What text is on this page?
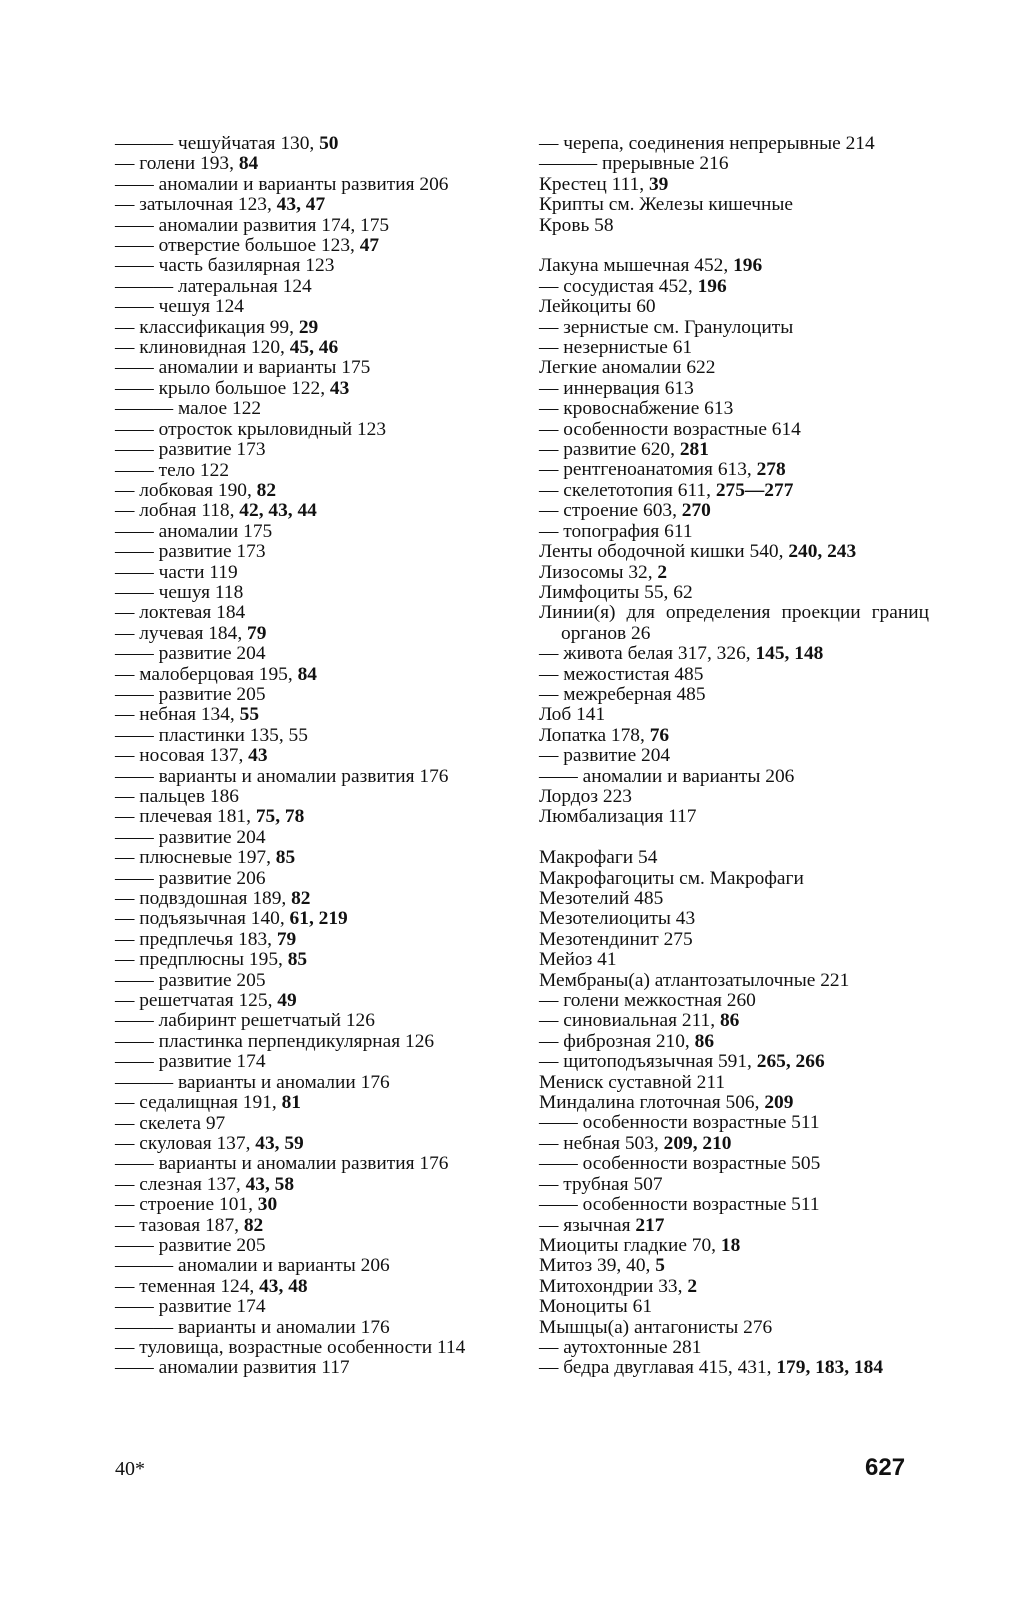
——— чешуйчатая 130, 50
— голени 193, 84
—— аномалии и варианты развития 206
— затылочная 123, 43, 47
—— аномалии развития 174, 175
—— отверстие большое 123, 47
—— часть базилярная 123
——— латеральная 124
—— чешуя 124
— классификация 99, 29
— клиновидная 120, 45, 46
—— аномалии и варианты 175
—— крыло большое 122, 43
——— малое 122
—— отросток крыловидный 123
—— развитие 173
—— тело 122
— лобковая 190, 82
— лобная 118, 42, 43, 44
—— аномалии 175
—— развитие 173
—— части 119
—— чешуя 118
— локтевая 184
— лучевая 184, 79
—— развитие 204
— малоберцовая 195, 84
—— развитие 205
— небная 134, 55
—— пластинки 135, 55
— носовая 137, 43
—— варианты и аномалии развития 176
— пальцев 186
— плечевая 181, 75, 78
—— развитие 204
— плюсневые 197, 85
—— развитие 206
— подвздошная 189, 82
— подъязычная 140, 61, 219
— предплечья 183, 79
— предплюсны 195, 85
—— развитие 205
— решетчатая 125, 49
—— лабиринт решетчатый 126
—— пластинка перпендикулярная 126
—— развитие 174
——— варианты и аномалии 176
— седалищная 191, 81
— скелета 97
— скуловая 137, 43, 59
—— варианты и аномалии развития 176
— слезная 137, 43, 58
— строение 101, 30
— тазовая 187, 82
—— развитие 205
——— аномалии и варианты 206
— теменная 124, 43, 48
—— развитие 174
——— варианты и аномалии 176
— туловища, возрастные особенности 114
—— аномалии развития 117
— черепа, соединения непрерывные 214
——— прерывные 216
Крестец 111, 39
Крипты см. Железы кишечные
Кровь 58
Лакуна мышечная 452, 196
— сосудистая 452, 196
Лейкоциты 60
— зернистые см. Гранулоциты
— незернистые 61
Легкие аномалии 622
— иннервация 613
— кровоснабжение 613
— особенности возрастные 614
— развитие 620, 281
— рентгеноанатомия 613, 278
— скелетотопия 611, 275—277
— строение 603, 270
— топография 611
Ленты ободочной кишки 540, 240, 243
Лизосомы 32, 2
Лимфоциты 55, 62
Линии(я) для определения проекции границ органов 26
— живота белая 317, 326, 145, 148
— межостистая 485
— межреберная 485
Лоб 141
Лопатка 178, 76
— развитие 204
—— аномалии и варианты 206
Лордоз 223
Люмбализация 117
Макрофаги 54
Макрофагоциты см. Макрофаги
Мезотелий 485
Мезотелиоциты 43
Мезотендинит 275
Мейоз 41
Мембраны(а) атлантозатылочные 221
— голени межкостная 260
— синовиальная 211, 86
— фиброзная 210, 86
— щитоподъязычная 591, 265, 266
Мениск суставной 211
Миндалина глоточная 506, 209
—— особенности возрастные 511
— небная 503, 209, 210
—— особенности возрастные 505
— трубная 507
—— особенности возрастные 511
— язычная 217
Миоциты гладкие 70, 18
Митоз 39, 40, 5
Митохондрии 33, 2
Моноциты 61
Мышцы(а) антагонисты 276
— аутохтонные 281
— бедра двуглавая 415, 431, 179, 183, 184
40*	627
